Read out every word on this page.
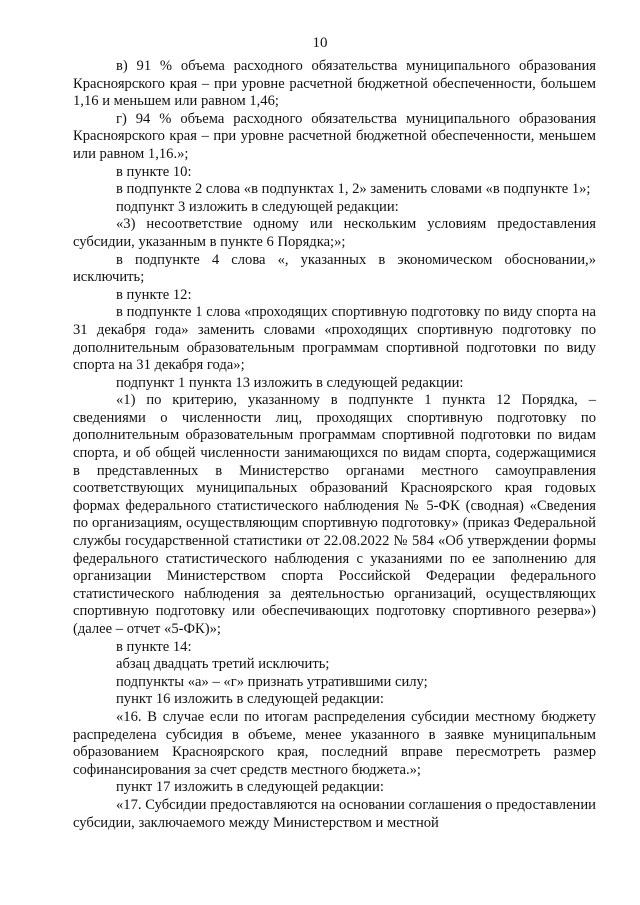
10

в) 91 % объема расходного обязательства муниципального образования Красноярского края – при уровне расчетной бюджетной обеспеченности, большем 1,16 и меньшем или равном 1,46;

г) 94 % объема расходного обязательства муниципального образования Красноярского края – при уровне расчетной бюджетной обеспеченности, меньшем или равном 1,16.»;

в пункте 10:

в подпункте 2 слова «в подпунктах 1, 2» заменить словами «в подпункте 1»;

подпункт 3 изложить в следующей редакции:

«3) несоответствие одному или нескольким условиям предоставления субсидии, указанным в пункте 6 Порядка;»;

в подпункте 4 слова «, указанных в экономическом обосновании,» исключить;

в пункте 12:

в подпункте 1 слова «проходящих спортивную подготовку по виду спорта на 31 декабря года» заменить словами «проходящих спортивную подготовку по дополнительным образовательным программам спортивной подготовки по виду спорта на 31 декабря года»;

подпункт 1 пункта 13 изложить в следующей редакции:

«1) по критерию, указанному в подпункте 1 пункта 12 Порядка, – сведениями о численности лиц, проходящих спортивную подготовку по дополнительным образовательным программам спортивной подготовки по видам спорта, и об общей численности занимающихся по видам спорта, содержащимися в представленных в Министерство органами местного самоуправления соответствующих муниципальных образований Красноярского края годовых формах федерального статистического наблюдения № 5-ФК (сводная) «Сведения по организациям, осуществляющим спортивную подготовку» (приказ Федеральной службы государственной статистики от 22.08.2022 № 584 «Об утверждении формы федерального статистического наблюдения с указаниями по ее заполнению для организации Министерством спорта Российской Федерации федерального статистического наблюдения за деятельностью организаций, осуществляющих спортивную подготовку или обеспечивающих подготовку спортивного резерва») (далее – отчет «5-ФК)»;

в пункте 14:

абзац двадцать третий исключить;

подпункты «а» – «г» признать утратившими силу;

пункт 16 изложить в следующей редакции:

«16. В случае если по итогам распределения субсидии местному бюджету распределена субсидия в объеме, менее указанного в заявке муниципальным образованием Красноярского края, последний вправе пересмотреть размер софинансирования за счет средств местного бюджета.»;

пункт 17 изложить в следующей редакции:

«17. Субсидии предоставляются на основании соглашения о предоставлении субсидии, заключаемого между Министерством и местной
